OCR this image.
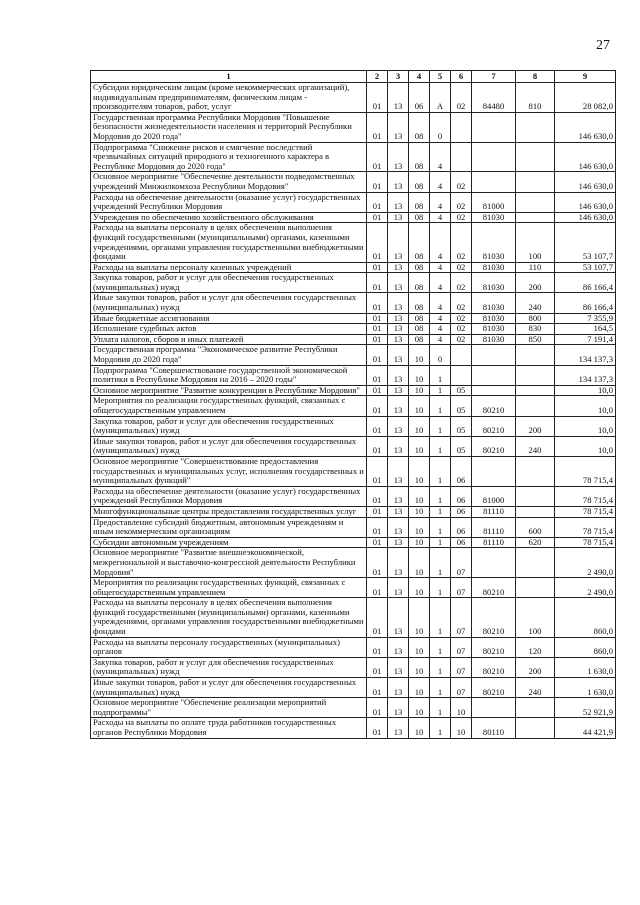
27
1	2	3	4	5	6	7	8	9
Субсидии юридическим лицам (кроме некоммерческих организаций), индивидуальным предпринимателям, физическим лицам - производителям товаров, работ, услуг	01	13	06	А	02	84480	810	28 082,0
Государственная программа Республики Мордовия "Повышение безопасности жизнедеятельности населения и территорий Республики Мордовия до 2020 года"	01	13	08	0				146 630,0
Подпрограмма "Снижение рисков и смягчение последствий чрезвычайных ситуаций природного и техногенного характера в Республике Мордовия до 2020 года"	01	13	08	4				146 630,0
Основное мероприятие "Обеспечение деятельности подведомственных учреждений Минжилкомхоза Республики Мордовия"	01	13	08	4	02			146 630,0
Расходы на обеспечение деятельности (оказание услуг) государственных учреждений Республики Мордовия	01	13	08	4	02	81000		146 630,0
Учреждения по обеспечению хозяйственного обслуживания	01	13	08	4	02	81030		146 630,0
Расходы на выплаты персоналу в целях обеспечения выполнения функций государственными (муниципальными) органами, казенными учреждениями, органами управления государственными внебюджетными фондами	01	13	08	4	02	81030	100	53 107,7
Расходы на выплаты персоналу казенных учреждений	01	13	08	4	02	81030	110	53 107,7
Закупка товаров, работ и услуг для обеспечения государственных (муниципальных) нужд	01	13	08	4	02	81030	200	86 166,4
Иные закупки товаров, работ и услуг для обеспечения государственных (муниципальных) нужд	01	13	08	4	02	81030	240	86 166,4
Иные бюджетные ассигнования	01	13	08	4	02	81030	800	7 355,9
Исполнение судебных актов	01	13	08	4	02	81030	830	164,5
Уплата налогов, сборов и иных платежей	01	13	08	4	02	81030	850	7 191,4
Государственная программа "Экономическое развитие Республики Мордовия до 2020 года"	01	13	10	0				134 137,3
Подпрограмма "Совершенствование государственной экономической политики в Республике Мордовия на 2016 – 2020 годы"	01	13	10	1				134 137,3
Основное мероприятие "Развитие конкуренции в Республике Мордовия"	01	13	10	1	05			10,0
Мероприятия по реализации государственных функций, связанных с общегосударственным управлением	01	13	10	1	05	80210		10,0
Закупка товаров, работ и услуг для обеспечения государственных (муниципальных) нужд	01	13	10	1	05	80210	200	10,0
Иные закупки товаров, работ и услуг для обеспечения государственных (муниципальных) нужд	01	13	10	1	05	80210	240	10,0
Основное мероприятие "Совершенствование предоставления государственных и муниципальных услуг, исполнения государственных и муниципальных функций"	01	13	10	1	06			78 715,4
Расходы на обеспечение деятельности (оказание услуг) государственных учреждений Республики Мордовия	01	13	10	1	06	81000		78 715,4
Многофункциональные центры предоставления государственных услуг	01	13	10	1	06	81110		78 715,4
Предоставление субсидий бюджетным, автономным учреждениям и иным некоммерческим организациям	01	13	10	1	06	81110	600	78 715,4
Субсидии автономным учреждениям	01	13	10	1	06	81110	620	78 715,4
Основное мероприятие "Развитие внешнеэкономической, межрегиональной и выставочно-конгрессной деятельности Республики Мордовия"	01	13	10	1	07			2 490,0
Мероприятия по реализации государственных функций, связанных с общегосударственным управлением	01	13	10	1	07	80210		2 490,0
Расходы на выплаты персоналу в целях обеспечения выполнения функций государственными (муниципальными) органами, казенными учреждениями, органами управления государственными внебюджетными фондами	01	13	10	1	07	80210	100	860,0
Расходы на выплаты персоналу государственных (муниципальных) органов	01	13	10	1	07	80210	120	860,0
Закупка товаров, работ и услуг для обеспечения государственных (муниципальных) нужд	01	13	10	1	07	80210	200	1 630,0
Иные закупки товаров, работ и услуг для обеспечения государственных (муниципальных) нужд	01	13	10	1	07	80210	240	1 630,0
Основное мероприятие "Обеспечение реализации мероприятий подпрограммы"	01	13	10	1	10			52 921,9
Расходы на выплаты по оплате труда работников государственных органов Республики Мордовия	01	13	10	1	10	80110		44 421,9
